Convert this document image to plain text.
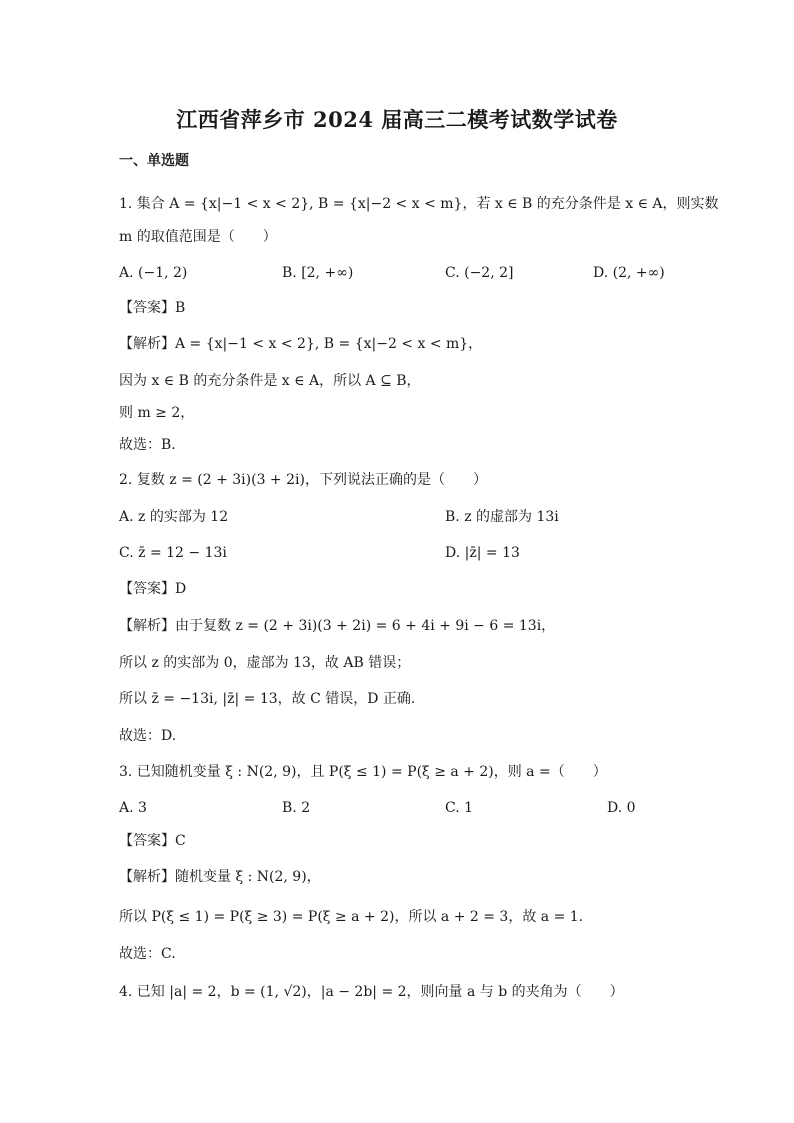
江西省萍乡市 2024 届高三二模考试数学试卷
一、单选题
1. 集合 A = {x|−1 < x < 2}, B = {x|−2 < x < m}，若 x ∈ B 的充分条件是 x ∈ A，则实数
m 的取值范围是（　　）
A. (−1, 2)	B. [2, +∞)	C. (−2, 2]	D. (2, +∞)
【答案】B
【解析】A = {x|−1 < x < 2}, B = {x|−2 < x < m}，
因为 x ∈ B 的充分条件是 x ∈ A，所以 A ⊆ B，
则 m ≥ 2，
故选：B.
2. 复数 z = (2 + 3i)(3 + 2i)，下列说法正确的是（　　）
A. z 的实部为 12	B. z 的虚部为 13i
C. z̄ = 12 − 13i	D. |z̄| = 13
【答案】D
【解析】由于复数 z = (2 + 3i)(3 + 2i) = 6 + 4i + 9i − 6 = 13i，
所以 z 的实部为 0，虚部为 13，故 AB 错误；
所以 z̄ = −13i, |z̄| = 13，故 C 错误，D 正确.
故选：D.
3. 已知随机变量 ξ : N(2, 9)，且 P(ξ ≤ 1) = P(ξ ≥ a + 2)，则 a =（　　）
A. 3	B. 2	C. 1	D. 0
【答案】C
【解析】随机变量 ξ : N(2, 9)，
所以 P(ξ ≤ 1) = P(ξ ≥ 3) = P(ξ ≥ a + 2)，所以 a + 2 = 3，故 a = 1.
故选：C.
4. 已知 |a| = 2，b = (1, √2)，|a − 2b| = 2，则向量 a 与 b 的夹角为（　　）
